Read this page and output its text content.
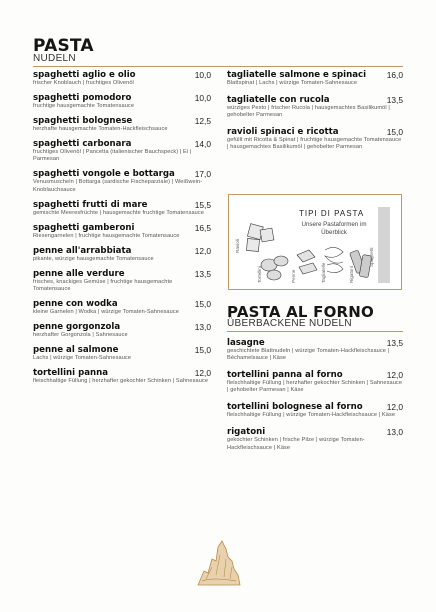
PASTA
NUDELN
10,0
spaghetti aglio e olio
frischer Knoblauch | fruchtiges Olivenöl
10,0
spaghetti pomodoro
fruchtige hausgemachte Tomatensauce
12,5
spaghetti bolognese
herzhafte hausgemachte Tomaten-Hackfleischsauce
14,0
spaghetti carbonara
fruchtiges Olivenöl | Pancetta (italienischer Bauchspeck) | Ei | Parmesan
17,0
spaghetti vongole e bottarga
Venusmuscheln | Bottarga (sardische Fischeparziale) | Weißwein-Knoblauchsauce
15,5
spaghetti frutti di mare
gemischte Meeresfrüchte | hausgemachte fruchtige Tomatensauce
16,5
spaghetti gamberoni
Riesengarnelen | fruchtige hausgemachte Tomatensauce
12,0
penne all'arrabbiata
pikante, würzige hausgemachte Tomatensauce
13,5
penne alle verdure
frisches, knackiges Gemüse | fruchtige hausgemachte Tomatensauce
15,0
penne con wodka
kleine Garnelen | Wodka | würzige Tomaten-Sahnesauce
13,0
penne gorgonzola
herzhafter Gorgonzola | Sahnesauce
15,0
penne al salmone
Lachs | würzige Tomaten-Sahnesauce
12,0
tortellini panna
fleischhaltige Füllung | herzhafter gekochter Schinken | Sahnesauce
16,0
tagliatelle salmone e spinaci
Blattspinat | Lachs | würzige Tomaten-Sahnesauce
13,5
tagliatelle con rucola
würziges Pesto | frischer Rucola | hausgemachtes Basilikumöl | gehobelter Parmesan
15,0
ravioli spinaci e ricotta
gefüllt mit Ricotta & Spinat | fruchtige hausgemachte Tomatensauce | hausgemachtes Basilikumöl | gehobelter Parmesan
TIPI DI PASTA
Unsere Pastaformen im Überblick
Ravioli
Tortellini	Penne	Tagliatelle	Rigatoni
Spaghetti
PASTA AL FORNO
ÜBERBACKENE NUDELN
13,5
lasagne
geschichtete Blattnudeln | würzige Tomaten-Hackfleischsauce | Béchamelsauce | Käse
12,0
tortellini panna al forno
fleischhaltige Füllung | herzhafter gekochter Schinken | Sahnesauce | gehobelter Parmesan | Käse
12,0
tortellini bolognese al forno
fleischhaltige Füllung | würzige Tomaten-Hackfleischsauce | Käse
13,0
rigatoni
gekochter Schinken | frische Pilze | würzige Tomaten-Hackfleischsauce | Käse
